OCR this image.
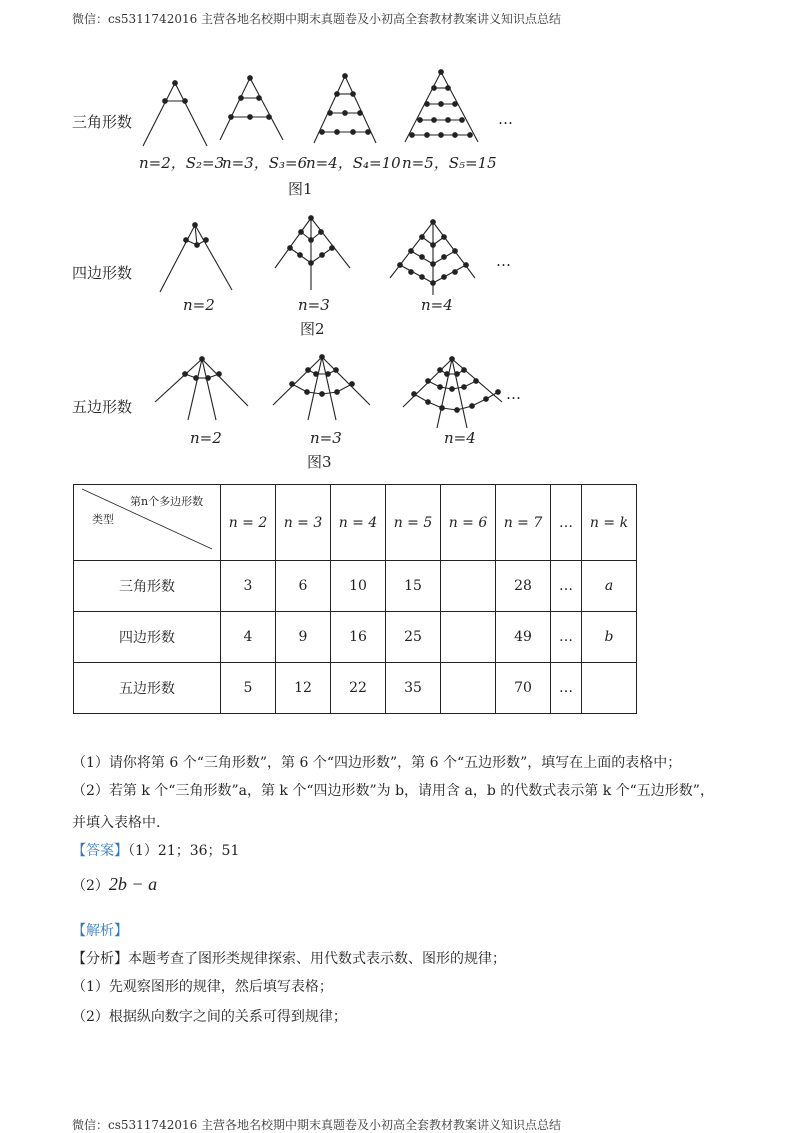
微信：cs5311742016 主营各地名校期中期末真题卷及小初高全套教材教案讲义知识点总结
三角形数
n=2，S₂=3
n=3，S₃=6
n=4，S₄=10 n=5，S₅=15
…
图1
四边形数
n=2	n=3	n=4
…
图2
五边形数
n=2	n=3	n=4
…
图3
第n个多边形数
类型	n = 2	n = 3	n = 4	n = 5	n = 6	n = 7	…	n = k
三角形数	3	6	10	15		28	…	a
四边形数	4	9	16	25		49	…	b
五边形数	5	12	22	35		70	…	
（1）请你将第 6 个“三角形数”，第 6 个“四边形数”，第 6 个“五边形数”，填写在上面的表格中；
（2）若第 k 个“三角形数”a，第 k 个“四边形数”为 b，请用含 a，b 的代数式表示第 k 个“五边形数”，
并填入表格中.
【答案】（1）21；36；51
（2）2b − a
【解析】
【分析】本题考查了图形类规律探索、用代数式表示数、图形的规律；
（1）先观察图形的规律，然后填写表格；
（2）根据纵向数字之间的关系可得到规律；
微信：cs5311742016 主营各地名校期中期末真题卷及小初高全套教材教案讲义知识点总结
